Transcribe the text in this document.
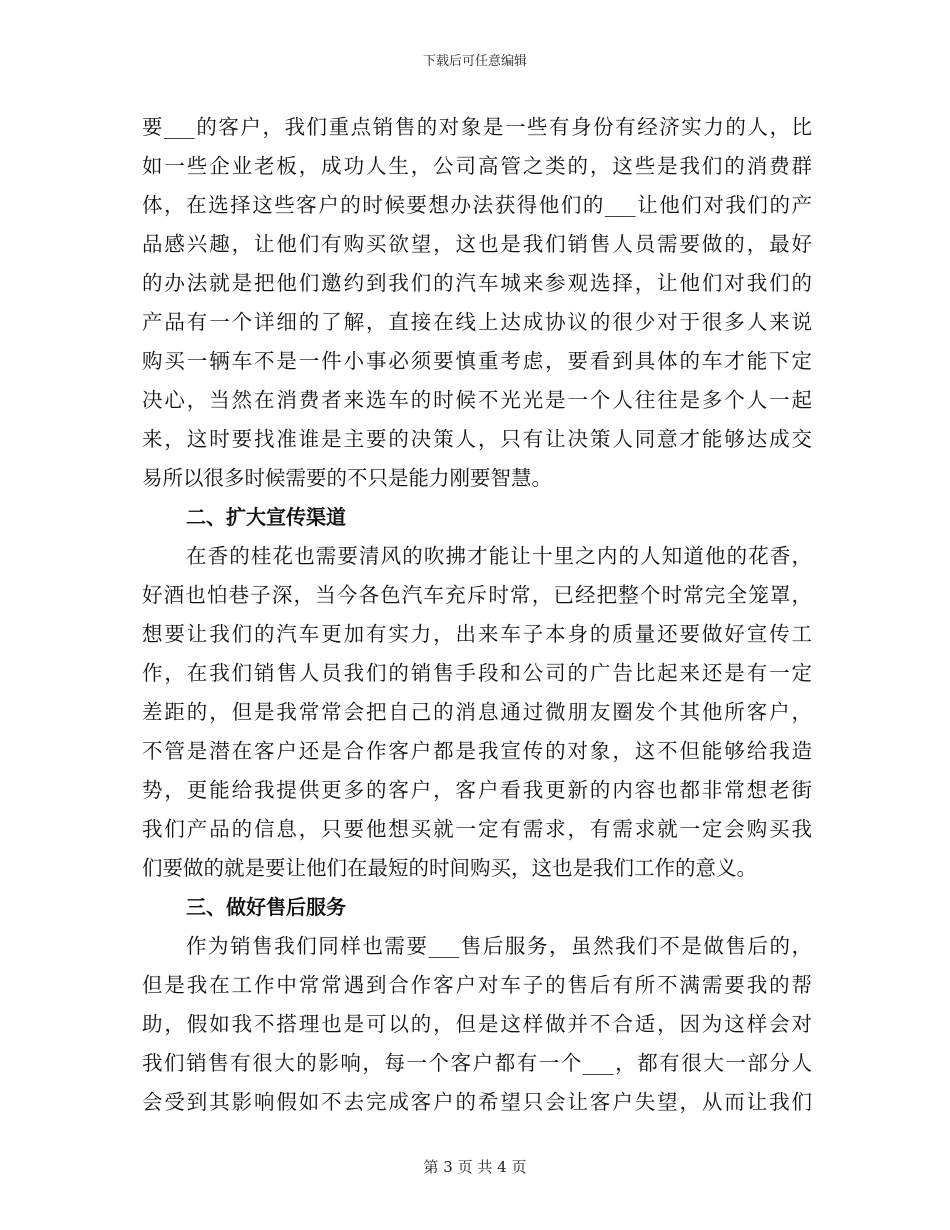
下载后可任意编辑
要___的客户，我们重点销售的对象是一些有身份有经济实力的人，比
如一些企业老板，成功人生，公司高管之类的，这些是我们的消费群
体，在选择这些客户的时候要想办法获得他们的___让他们对我们的产
品感兴趣，让他们有购买欲望，这也是我们销售人员需要做的，最好
的办法就是把他们邀约到我们的汽车城来参观选择，让他们对我们的
产品有一个详细的了解，直接在线上达成协议的很少对于很多人来说
购买一辆车不是一件小事必须要慎重考虑，要看到具体的车才能下定
决心，当然在消费者来选车的时候不光光是一个人往往是多个人一起
来，这时要找准谁是主要的决策人，只有让决策人同意才能够达成交
易所以很多时候需要的不只是能力刚要智慧。
二、扩大宣传渠道
在香的桂花也需要清风的吹拂才能让十里之内的人知道他的花香，
好酒也怕巷子深，当今各色汽车充斥时常，已经把整个时常完全笼罩，
想要让我们的汽车更加有实力，出来车子本身的质量还要做好宣传工
作，在我们销售人员我们的销售手段和公司的广告比起来还是有一定
差距的，但是我常常会把自己的消息通过微朋友圈发个其他所客户，
不管是潜在客户还是合作客户都是我宣传的对象，这不但能够给我造
势，更能给我提供更多的客户，客户看我更新的内容也都非常想老街
我们产品的信息，只要他想买就一定有需求，有需求就一定会购买我
们要做的就是要让他们在最短的时间购买，这也是我们工作的意义。
三、做好售后服务
作为销售我们同样也需要___售后服务，虽然我们不是做售后的，
但是我在工作中常常遇到合作客户对车子的售后有所不满需要我的帮
助，假如我不搭理也是可以的，但是这样做并不合适，因为这样会对
我们销售有很大的影响，每一个客户都有一个___，都有很大一部分人
会受到其影响假如不去完成客户的希望只会让客户失望，从而让我们
第 3 页 共 4 页
